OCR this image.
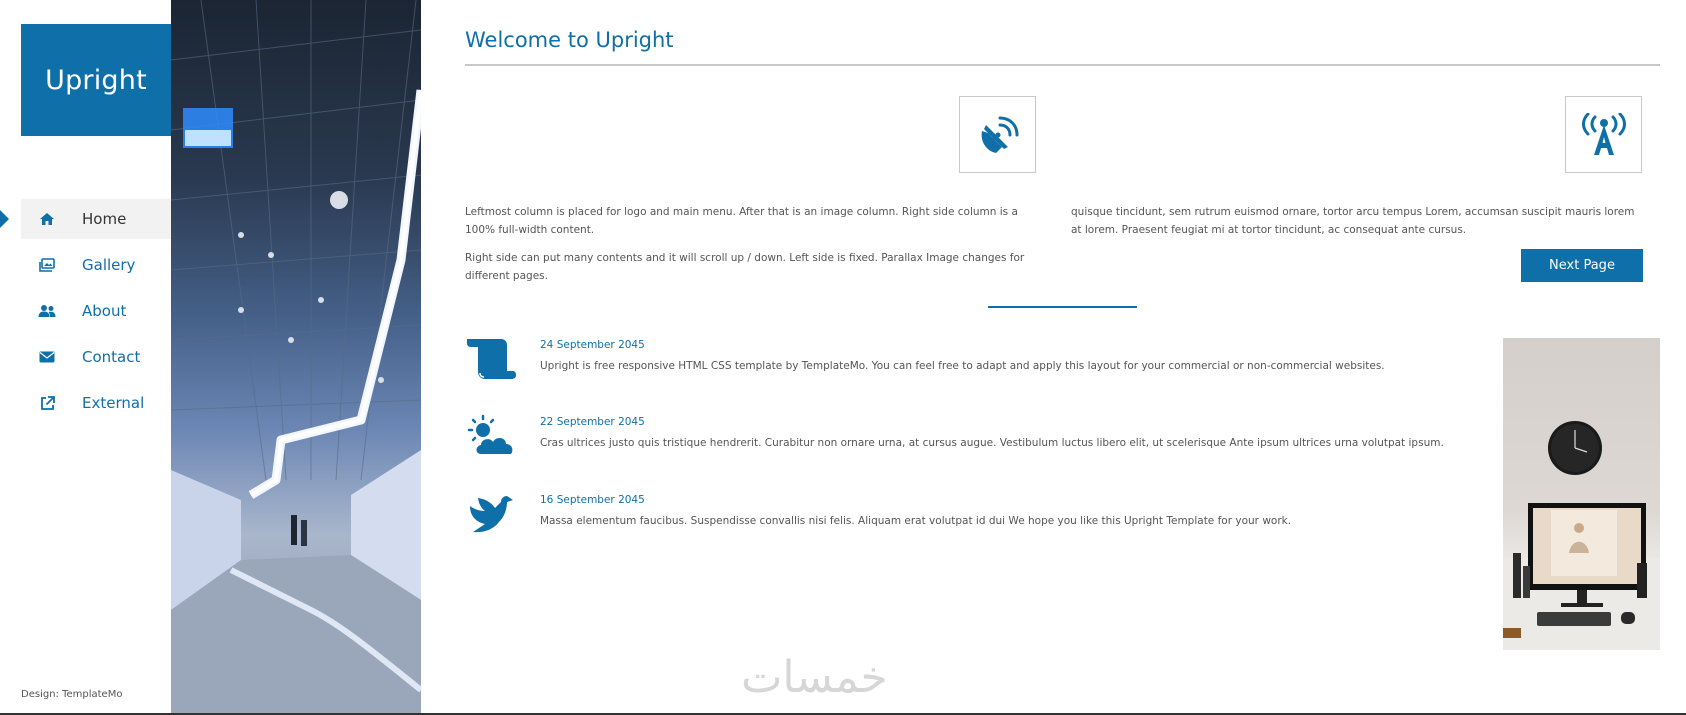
Upright
Home
Gallery
About
Contact
External
Design: TemplateMo
Welcome to Upright

Leftmost column is placed for logo and main menu. After that is an image column. Right side column is a 100% full-width content.

Right side can put many contents and it will scroll up / down. Left side is fixed. Parallax Image changes for different pages.

quisque tincidunt, sem rutrum euismod ornare, tortor arcu tempus Lorem, accumsan suscipit mauris lorem at lorem. Praesent feugiat mi at tortor tincidunt, ac consequat ante cursus.

Next Page
24 September 2045
Upright is free responsive HTML CSS template by TemplateMo. You can feel free to adapt and apply this layout for your commercial or non-commercial websites.
22 September 2045
Cras ultrices justo quis tristique hendrerit. Curabitur non ornare urna, at cursus augue. Vestibulum luctus libero elit, ut scelerisque Ante ipsum ultrices urna volutpat ipsum.
16 September 2045
Massa elementum faucibus. Suspendisse convallis nisi felis. Aliquam erat volutpat id dui We hope you like this Upright Template for your work.
خمسات
